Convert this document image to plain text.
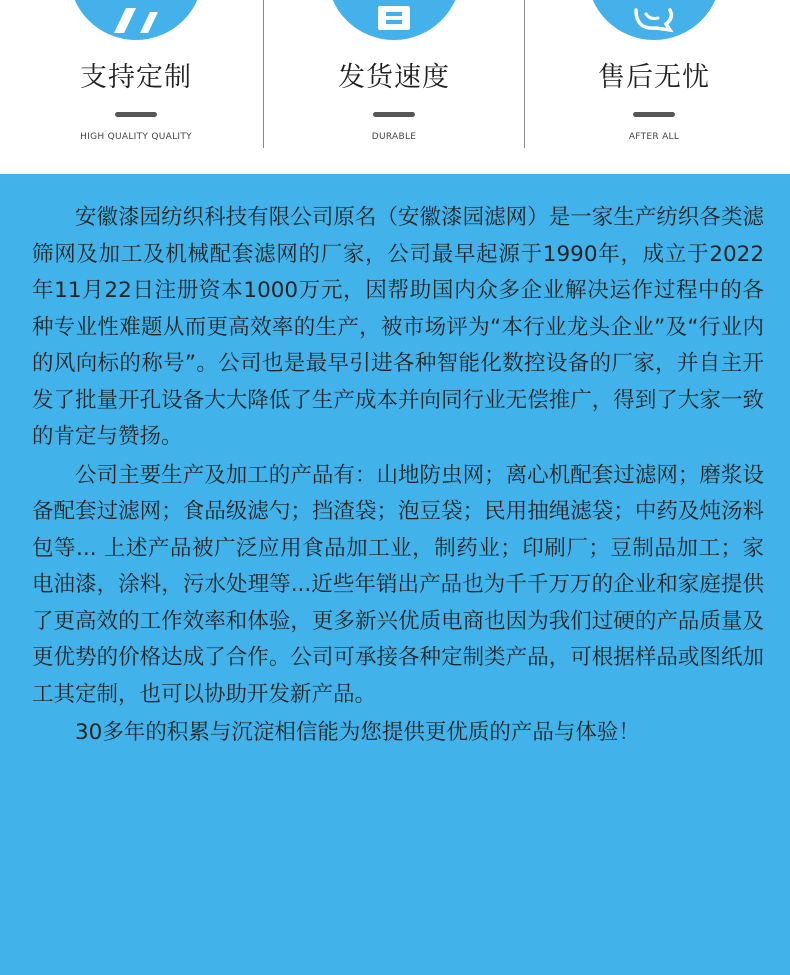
支持定制
HIGH QUALITY QUALITY
发货速度
DURABLE
售后无忧
AFTER ALL

安徽漆园纺织科技有限公司原名（安徽漆园滤网）是一家生产纺织各类滤筛网及加工及机械配套滤网的厂家，公司最早起源于1990年，成立于2022年11月22日注册资本1000万元，因帮助国内众多企业解决运作过程中的各种专业性难题从而更高效率的生产，被市场评为“本行业龙头企业”及“行业内的风向标的称号”。公司也是最早引进各种智能化数控设备的厂家，并自主开发了批量开孔设备大大降低了生产成本并向同行业无偿推广，得到了大家一致的肯定与赞扬。

公司主要生产及加工的产品有：山地防虫网；离心机配套过滤网；磨浆设备配套过滤网；食品级滤勺；挡渣袋；泡豆袋；民用抽绳滤袋；中药及炖汤料包等... 上述产品被广泛应用食品加工业，制药业；印刷厂；豆制品加工；家电油漆，涂料，污水处理等...近些年销出产品也为千千万万的企业和家庭提供了更高效的工作效率和体验，更多新兴优质电商也因为我们过硬的产品质量及更优势的价格达成了合作。公司可承接各种定制类产品，可根据样品或图纸加工其定制，也可以协助开发新产品。

30多年的积累与沉淀相信能为您提供更优质的产品与体验！
